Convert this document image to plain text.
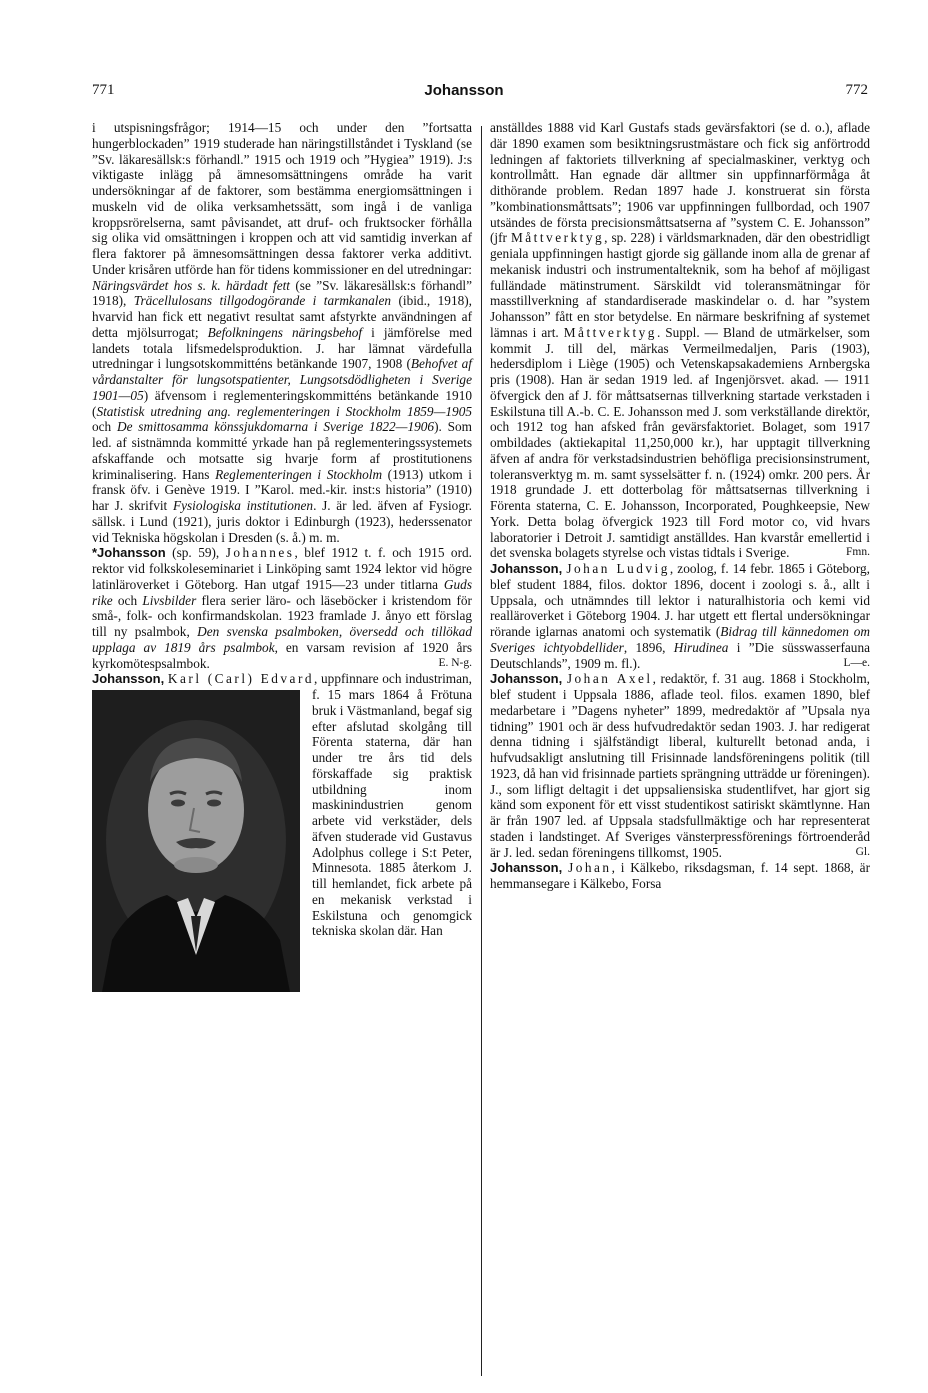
771	Johansson	772

i utspisningsfrågor; 1914—15 och under den ”fortsatta hungerblockaden” 1919 studerade han näringstillståndet i Tyskland (se ”Sv. läkaresällsk:s förhandl.” 1915 och 1919 och ”Hygiea” 1919). J:s viktigaste inlägg på ämnesomsättningens område ha varit undersökningar af de faktorer, som bestämma energiomsättningen i muskeln vid de olika verksamhetssätt, som ingå i de vanliga kroppsrörelserna, samt påvisandet, att druf- och fruktsocker förhålla sig olika vid omsättningen i kroppen och att vid samtidig inverkan af flera faktorer på ämnesomsättningen dessa faktorer verka additivt. Under krisåren utförde han för tidens kommissioner en del utredningar: Näringsvärdet hos s. k. härdadt fett (se ”Sv. läkaresällsk:s förhandl” 1918), Träcellulosans tillgodogörande i tarmkanalen (ibid., 1918), hvarvid han fick ett negativt resultat samt afstyrkte användningen af detta mjölsurrogat; Befolkningens näringsbehof i jämförelse med landets totala lifsmedelsproduktion. J. har lämnat värdefulla utredningar i lungsotskommitténs betänkande 1907, 1908 (Behofvet af vårdanstalter för lungsotspatienter, Lungsotsdödligheten i Sverige 1901—05) äfvensom i reglementeringskommitténs betänkande 1910 (Statistisk utredning ang. reglementeringen i Stockholm 1859—1905 och De smittosamma könssjukdomarna i Sverige 1822—1906). Som led. af sistnämnda kommitté yrkade han på reglementeringssystemets afskaffande och motsatte sig hvarje form af prostitutionens kriminalisering. Hans Reglementeringen i Stockholm (1913) utkom i fransk öfv. i Genève 1919. I ”Karol. med.-kir. inst:s historia” (1910) har J. skrifvit Fysiologiska institutionen. J. är led. äfven af Fysiogr. sällsk. i Lund (1921), juris doktor i Edinburgh (1923), hederssenator vid Tekniska högskolan i Dresden (s. å.) m. m.

*Johansson (sp. 59), Johannes, blef 1912 t. f. och 1915 ord. rektor vid folkskoleseminariet i Linköping samt 1924 lektor vid högre latinläroverket i Göteborg. Han utgaf 1915—23 under titlarna Guds rike och Livsbilder flera serier läro- och läseböcker i kristendom för små-, folk- och konfirmandskolan. 1923 framlade J. ånyo ett förslag till ny psalmbok, Den svenska psalmboken, översedd och tillökad upplaga av 1819 års psalmbok, en varsam revision af 1920 års kyrkomötespsalmbok.	E. N-g.

Johansson, Karl (Carl) Edvard
, uppfinnare och industriman, f. 15 mars 1864 å Frötuna bruk i Västmanland, begaf sig efter afslutad skolgång till Förenta staterna, där han under tre års tid dels förskaffade sig praktisk utbildning inom maskinindustrien genom arbete vid verkstäder, dels äfven studerade vid Gustavus Adolphus college i S:t Peter, Minnesota. 1885 återkom J. till hemlandet, fick arbete på en mekanisk verkstad i Eskilstuna och genomgick tekniska skolan där. Han

anställdes 1888 vid Karl Gustafs stads gevärsfaktori (se d. o.), aflade där 1890 examen som besiktningsrustmästare och fick sig anförtrodd ledningen af faktoriets tillverkning af specialmaskiner, verktyg och kontrollmått. Han egnade där alltmer sin uppfinnarförmåga åt dithörande problem. Redan 1897 hade J. konstruerat sin första ”kombinationsmåttsats”; 1906 var uppfinningen fullbordad, och 1907 utsändes de första precisionsmåttsatserna af ”system C. E. Johansson” (jfr Måttverktyg, sp. 228) i världsmarknaden, där den obestridligt geniala uppfinningen hastigt gjorde sig gällande inom alla de grenar af mekanisk industri och instrumentalteknik, som ha behof af möjligast fulländade mätinstrument. Särskildt vid toleransmätningar för masstillverkning af standardiserade maskindelar o. d. har ”system Johansson” fått en stor betydelse. En närmare beskrifning af systemet lämnas i art. Måttverktyg. Suppl. — Bland de utmärkelser, som kommit J. till del, märkas Vermeilmedaljen, Paris (1903), hedersdiplom i Liège (1905) och Vetenskapsakademiens Arnbergska pris (1908). Han är sedan 1919 led. af Ingenjörsvet. akad. — 1911 öfvergick den af J. för måttsatsernas tillverkning startade verkstaden i Eskilstuna till A.-b. C. E. Johansson med J. som verkställande direktör, och 1912 tog han afsked från gevärsfaktoriet. Bolaget, som 1917 ombildades (aktiekapital 11,250,000 kr.), har upptagit tillverkning äfven af andra för verkstadsindustrien behöfliga precisionsinstrument, toleransverktyg m. m. samt sysselsätter f. n. (1924) omkr. 200 pers. År 1918 grundade J. ett dotterbolag för måttsatsernas tillverkning i Förenta staterna, C. E. Johansson, Incorporated, Poughkeepsie, New York. Detta bolag öfvergick 1923 till Ford motor co, vid hvars laboratorier i Detroit J. samtidigt anställdes. Han kvarstår emellertid i det svenska bolagets styrelse och vistas tidtals i Sverige.	Fmn.

Johansson, Johan Ludvig, zoolog, f. 14 febr. 1865 i Göteborg, blef student 1884, filos. doktor 1896, docent i zoologi s. å., allt i Uppsala, och utnämndes till lektor i naturalhistoria och kemi vid realläroverket i Göteborg 1904. J. har utgett ett flertal undersökningar rörande iglarnas anatomi och systematik (Bidrag till kännedomen om Sveriges ichtyobdellider, 1896, Hirudinea i ”Die süsswasserfauna Deutschlands”, 1909 m. fl.).	L—e.

Johansson, Johan Axel, redaktör, f. 31 aug. 1868 i Stockholm, blef student i Uppsala 1886, aflade teol. filos. examen 1890, blef medarbetare i ”Dagens nyheter” 1899, medredaktör af ”Upsala nya tidning” 1901 och är dess hufvudredaktör sedan 1903. J. har redigerat denna tidning i själfständigt liberal, kulturellt betonad anda, i hufvudsakligt anslutning till Frisinnade landsföreningens politik (till 1923, då han vid frisinnade partiets sprängning utträdde ur föreningen). J., som lifligt deltagit i det uppsaliensiska studentlifvet, har gjort sig känd som exponent för ett visst studentikost satiriskt skämtlynne. Han är från 1907 led. af Uppsala stadsfullmäktige och har representerat staden i landstinget. Af Sveriges vänsterpressförenings förtroenderåd är J. led. sedan föreningens tillkomst, 1905.	Gl.

Johansson, Johan, i Kälkebo, riksdagsman, f. 14 sept. 1868, är hemmansegare i Kälkebo, Forsa
